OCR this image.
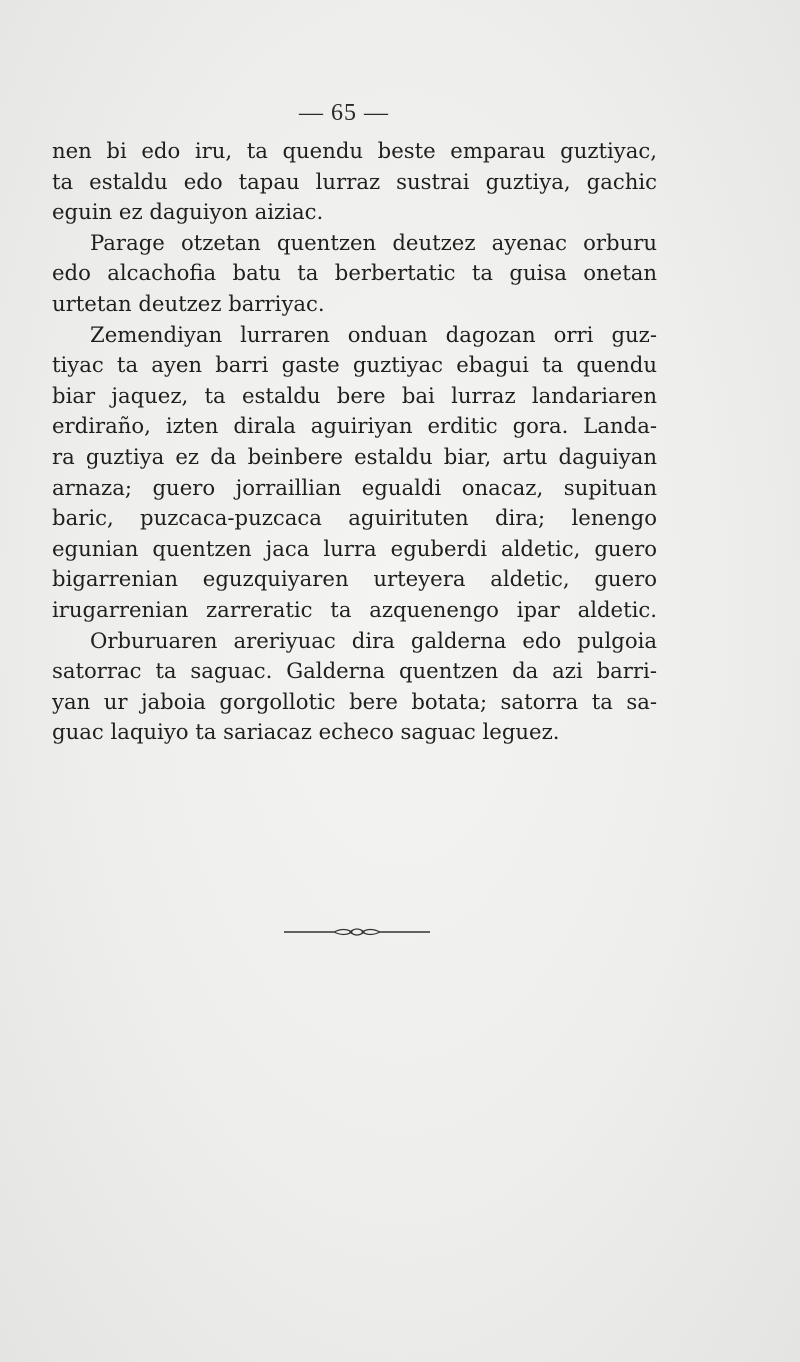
— 65 —
nen bi edo iru, ta quendu beste emparau guztiyac,
ta estaldu edo tapau lurraz sustrai guztiya, gachic
eguin ez daguiyon aiziac.
Parage otzetan quentzen deutzez ayenac orburu
edo alcachofia batu ta berbertatic ta guisa onetan
urtetan deutzez barriyac.
Zemendiyan lurraren onduan dagozan orri guz-
tiyac ta ayen barri gaste guztiyac ebagui ta quendu
biar jaquez, ta estaldu bere bai lurraz landariaren
erdiraño, izten dirala aguiriyan erditic gora. Landa-
ra guztiya ez da beinbere estaldu biar, artu daguiyan
arnaza; guero jorraillian egualdi onacaz, supituan
baric, puzcaca-puzcaca aguirituten dira; lenengo
egunian quentzen jaca lurra eguberdi aldetic, guero
bigarrenian eguzquiyaren urteyera aldetic, guero
irugarrenian zarreratic ta azquenengo ipar aldetic.
Orburuaren areriyuac dira galderna edo pulgoia
satorrac ta saguac. Galderna quentzen da azi barri-
yan ur jaboia gorgollotic bere botata; satorra ta sa-
guac laquiyo ta sariacaz echeco saguac leguez.
